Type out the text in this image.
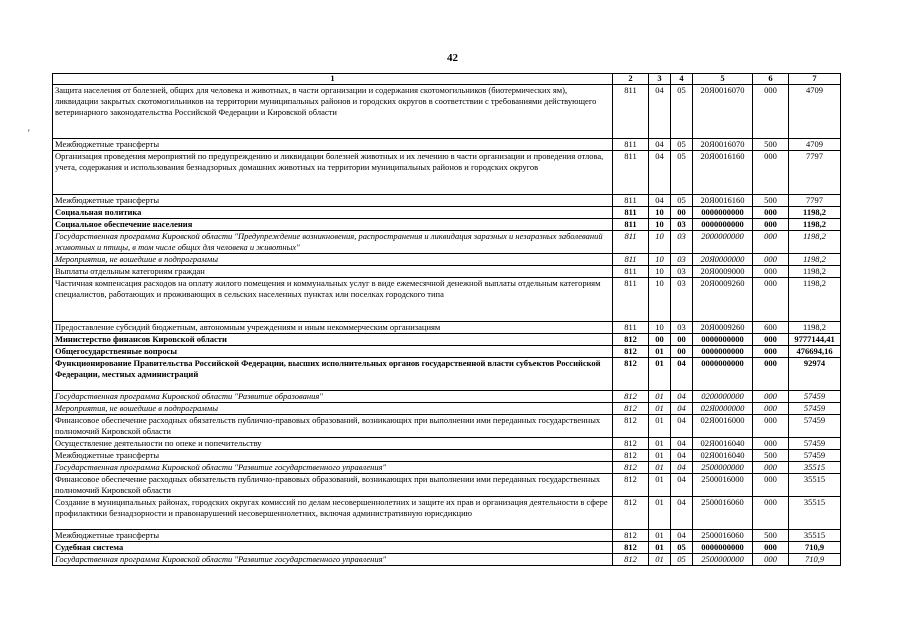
42
'
1	2	3	4	5	6	7
Защита населения от болезней, общих для человека и животных, в части организации и содержания скотомогильников (биотермических ям), ликвидации закрытых скотомогильников на территории муниципальных районов и городских округов в соответствии с требованиями действующего ветеринарного законодательства Российской Федерации и Кировской области	811	04	05	20Я0016070	000	4709
Межбюджетные трансферты	811	04	05	20Я0016070	500	4709
Организация проведения мероприятий по предупреждению и ликвидации болезней животных и их лечению в части организации и проведения отлова, учета, содержания и использования безнадзорных домашних животных на территории муниципальных районов и городских округов	811	04	05	20Я0016160	000	7797
Межбюджетные трансферты	811	04	05	20Я0016160	500	7797
Социальная политика	811	10	00	0000000000	000	1198,2
Социальное обеспечение населения	811	10	03	0000000000	000	1198,2
Государственная программа Кировской области "Предупреждение возникновения, распространения и ликвидация заразных и незаразных заболеваний животных и птицы, в том числе общих для человека и животных"	811	10	03	2000000000	000	1198,2
Мероприятия, не вошедшие в подпрограммы	811	10	03	20Я0000000	000	1198,2
Выплаты отдельным категориям граждан	811	10	03	20Я0009000	000	1198,2
Частичная компенсация расходов на оплату жилого помещения и коммунальных услуг в виде ежемесячной денежной выплаты отдельным категориям специалистов, работающих и проживающих в сельских населенных пунктах или поселках городского типа	811	10	03	20Я0009260	000	1198,2
Предоставление субсидий бюджетным, автономным учреждениям и иным некоммерческим организациям	811	10	03	20Я0009260	600	1198,2
Министерство финансов Кировской области	812	00	00	0000000000	000	9777144,41
Общегосударственные вопросы	812	01	00	0000000000	000	476694,16
Функционирование Правительства Российской Федерации, высших исполнительных органов государственной власти субъектов Российской Федерации, местных администраций	812	01	04	0000000000	000	92974
Государственная программа Кировской области "Развитие образования"	812	01	04	0200000000	000	57459
Мероприятия, не вошедшие в подпрограммы	812	01	04	02Я0000000	000	57459
Финансовое обеспечение расходных обязательств публично-правовых образований, возникающих при выполнении ими переданных государственных полномочий Кировской области	812	01	04	02Я0016000	000	57459
Осуществление деятельности по опеке и попечительству	812	01	04	02Я0016040	000	57459
Межбюджетные трансферты	812	01	04	02Я0016040	500	57459
Государственная программа Кировской области "Развитие государственного управления"	812	01	04	2500000000	000	35515
Финансовое обеспечение расходных обязательств публично-правовых образований, возникающих при выполнении ими переданных государственных полномочий Кировской области	812	01	04	2500016000	000	35515
Создание в муниципальных районах, городских округах комиссий по делам несовершеннолетних и защите их прав и организация деятельности в сфере профилактики безнадзорности и правонарушений несовершеннолетних, включая административную юрисдикцию	812	01	04	2500016060	000	35515
Межбюджетные трансферты	812	01	04	2500016060	500	35515
Судебная система	812	01	05	0000000000	000	710,9
Государственная программа Кировской области "Развитие государственного управления"	812	01	05	2500000000	000	710,9
